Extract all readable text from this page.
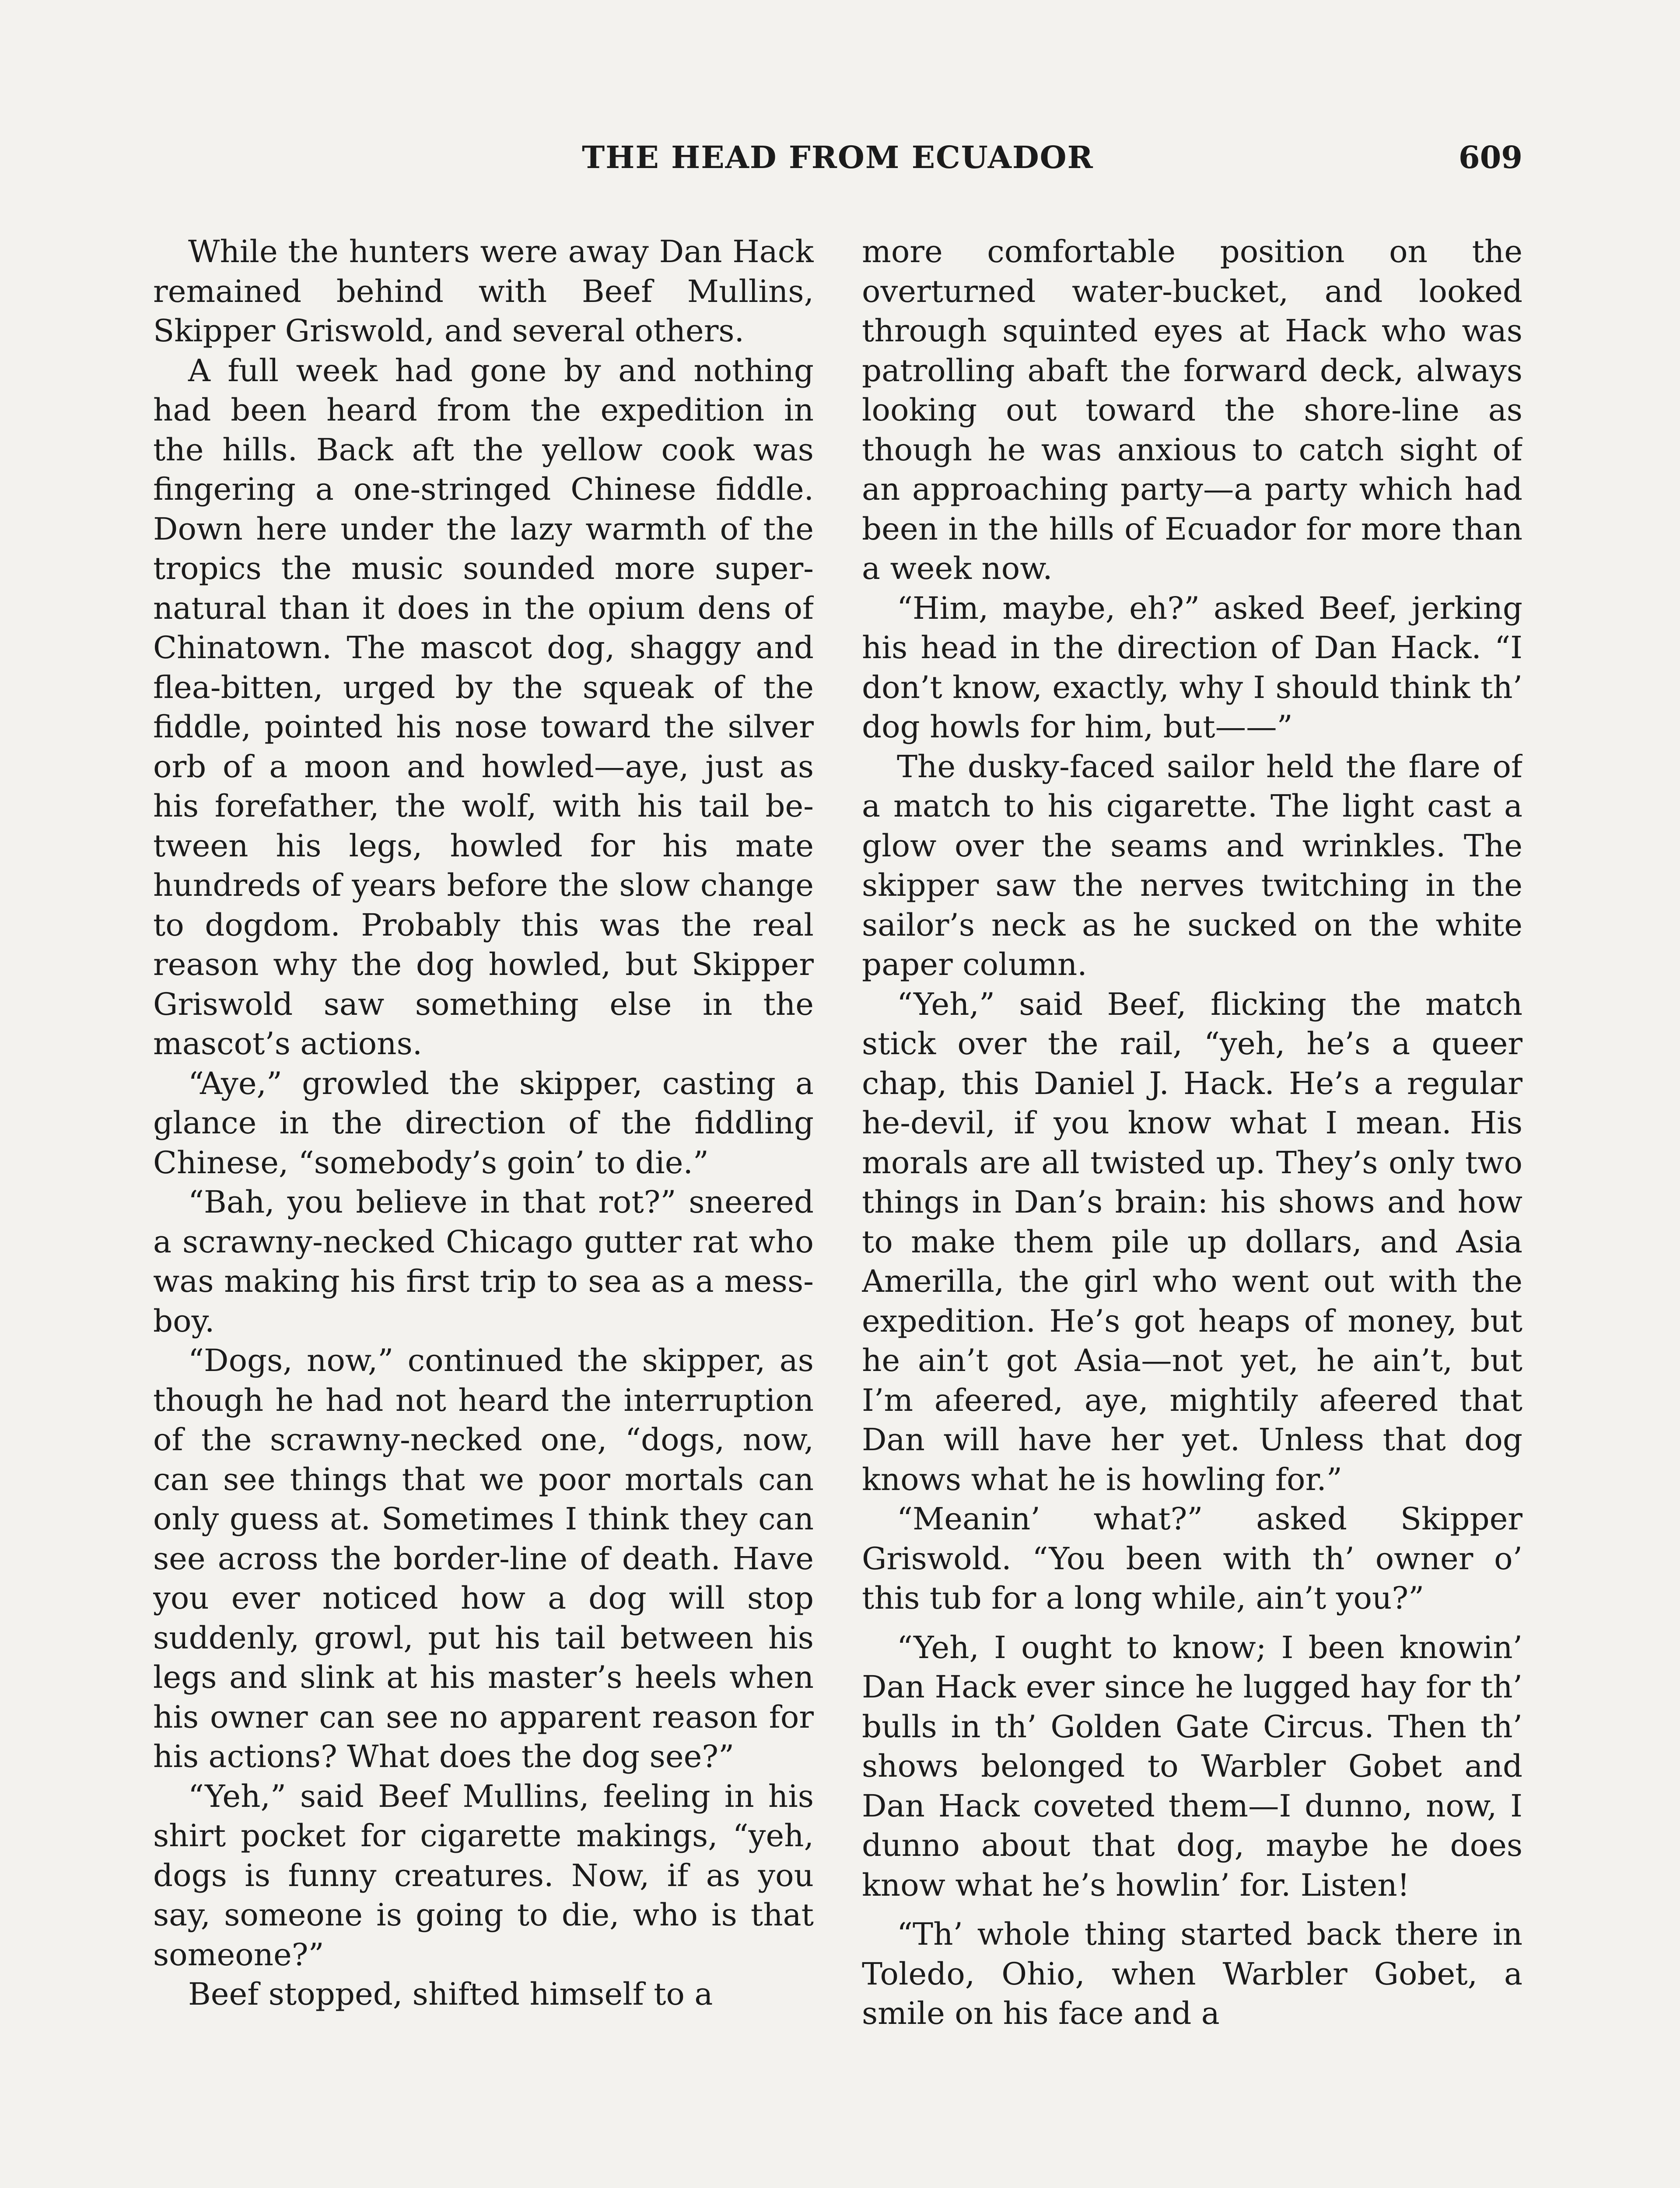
THE HEAD FROM ECUADOR	609

While the hunters were away Dan Hack remained behind with Beef Mullins, Skipper Griswold, and several others.

A full week had gone by and nothing had been heard from the expedition in the hills. Back aft the yellow cook was fingering a one-stringed Chinese fiddle. Down here under the lazy warmth of the tropics the music sounded more supernatural than it does in the opium dens of Chinatown. The mascot dog, shaggy and flea-bitten, urged by the squeak of the fiddle, pointed his nose toward the silver orb of a moon and howled—aye, just as his forefather, the wolf, with his tail between his legs, howled for his mate hundreds of years before the slow change to dogdom. Probably this was the real reason why the dog howled, but Skipper Griswold saw something else in the mascot’s actions.

“Aye,” growled the skipper, casting a glance in the direction of the fiddling Chinese, “somebody’s goin’ to die.”

“Bah, you believe in that rot?” sneered a scrawny-necked Chicago gutter rat who was making his first trip to sea as a mess-boy.

“Dogs, now,” continued the skipper, as though he had not heard the interruption of the scrawny-necked one, “dogs, now, can see things that we poor mortals can only guess at. Sometimes I think they can see across the border-line of death. Have you ever noticed how a dog will stop suddenly, growl, put his tail between his legs and slink at his master’s heels when his owner can see no apparent reason for his actions? What does the dog see?”

“Yeh,” said Beef Mullins, feeling in his shirt pocket for cigarette makings, “yeh, dogs is funny creatures. Now, if as you say, someone is going to die, who is that someone?”

Beef stopped, shifted himself to a

more comfortable position on the overturned water-bucket, and looked through squinted eyes at Hack who was patrolling abaft the forward deck, always looking out toward the shore-line as though he was anxious to catch sight of an approaching party—a party which had been in the hills of Ecuador for more than a week now.

“Him, maybe, eh?” asked Beef, jerking his head in the direction of Dan Hack. “I don’t know, exactly, why I should think th’ dog howls for him, but——”

The dusky-faced sailor held the flare of a match to his cigarette. The light cast a glow over the seams and wrinkles. The skipper saw the nerves twitching in the sailor’s neck as he sucked on the white paper column.

“Yeh,” said Beef, flicking the match stick over the rail, “yeh, he’s a queer chap, this Daniel J. Hack. He’s a regular he-devil, if you know what I mean. His morals are all twisted up. They’s only two things in Dan’s brain: his shows and how to make them pile up dollars, and Asia Amerilla, the girl who went out with the expedition. He’s got heaps of money, but he ain’t got Asia—not yet, he ain’t, but I’m afeered, aye, mightily afeered that Dan will have her yet. Unless that dog knows what he is howling for.”

“Meanin’ what?” asked Skipper Griswold. “You been with th’ owner o’ this tub for a long while, ain’t you?”

“Yeh, I ought to know; I been knowin’ Dan Hack ever since he lugged hay for th’ bulls in th’ Golden Gate Circus. Then th’ shows belonged to Warbler Gobet and Dan Hack coveted them—I dunno, now, I dunno about that dog, maybe he does know what he’s howlin’ for. Listen!

“Th’ whole thing started back there in Toledo, Ohio, when Warbler Gobet, a smile on his face and a
